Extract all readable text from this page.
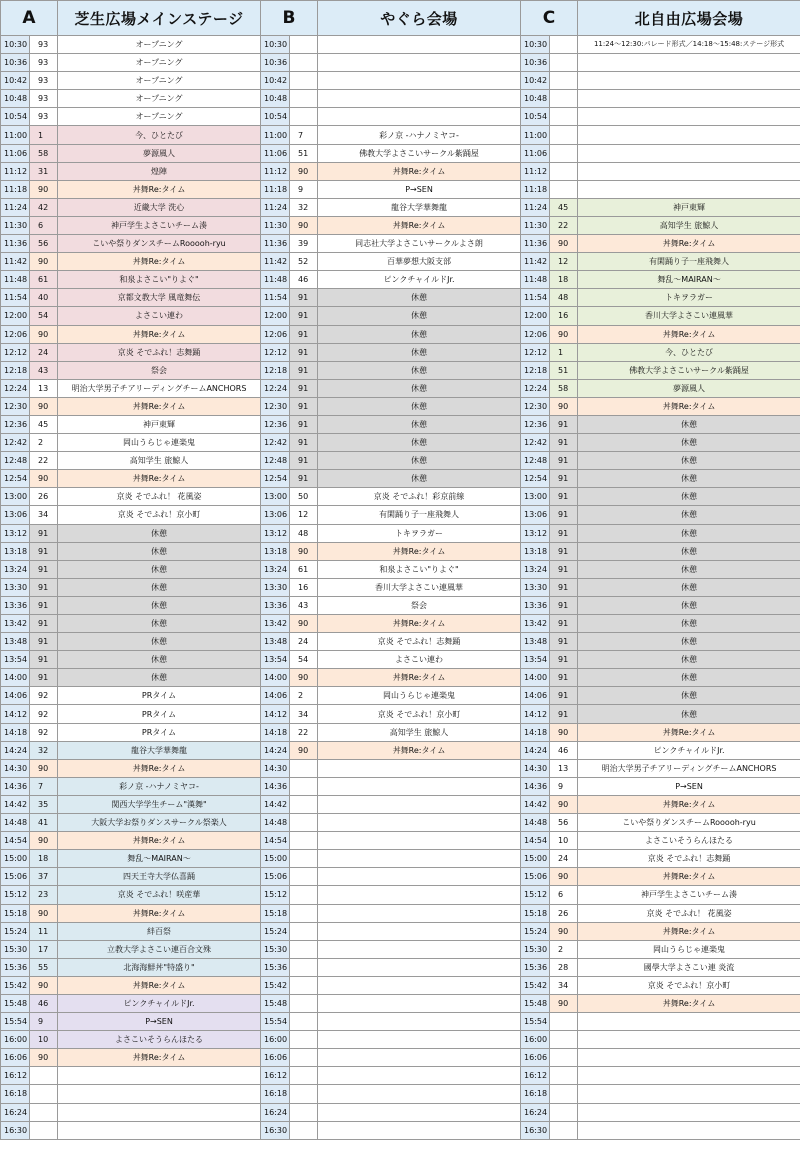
A		芝生広場メインステージ	B		やぐら会場	C		北自由広場会場
10:30	93	オープニング	10:30			10:30		11:24～12:30:パレード形式／14:18～15:48:ステージ形式
10:36	93	オープニング	10:36			10:36		
10:42	93	オープニング	10:42			10:42		
10:48	93	オープニング	10:48			10:48		
10:54	93	オープニング	10:54			10:54		
11:00	1	今、ひとたび	11:00	7	彩ノ京 -ハナノミヤコ-	11:00		
11:06	58	夢源風人	11:06	51	佛教大学よさこいサークル紫踊屋	11:06		
11:12	31	煌陣	11:12	90	丼舞Re:タイム	11:12		
11:18	90	丼舞Re:タイム	11:18	9	P→SEN	11:18		
11:24	42	近畿大学 洗心	11:24	32	龍谷大学華舞龍	11:24	45	神戸東輝
11:30	6	神戸学生よさこいチーム湊	11:30	90	丼舞Re:タイム	11:30	22	高知学生 旅鯨人
11:36	56	こいや祭りダンスチームRooooh-ryu	11:36	39	同志社大学よさこいサークルよさ朗	11:36	90	丼舞Re:タイム
11:42	90	丼舞Re:タイム	11:42	52	百華夢想大阪支部	11:42	12	有閑踊り子一座飛舞人
11:48	61	和泉よさこい"りよぐ"	11:48	46	ピンクチャイルドJr.	11:48	18	舞乱～MAIRAN～
11:54	40	京都文教大学 風竜舞伝	11:54	91	休憩	11:54	48	トキヲラガー
12:00	54	よさこい連わ	12:00	91	休憩	12:00	16	香川大学よさこい連風華
12:06	90	丼舞Re:タイム	12:06	91	休憩	12:06	90	丼舞Re:タイム
12:12	24	京炎 そでふれ！志舞踊	12:12	91	休憩	12:12	1	今、ひとたび
12:18	43	祭会	12:18	91	休憩	12:18	51	佛教大学よさこいサークル紫踊屋
12:24	13	明治大学男子チアリーディングチームANCHORS	12:24	91	休憩	12:24	58	夢源風人
12:30	90	丼舞Re:タイム	12:30	91	休憩	12:30	90	丼舞Re:タイム
12:36	45	神戸東輝	12:36	91	休憩	12:36	91	休憩
12:42	2	岡山うらじゃ連楽鬼	12:42	91	休憩	12:42	91	休憩
12:48	22	高知学生 旅鯨人	12:48	91	休憩	12:48	91	休憩
12:54	90	丼舞Re:タイム	12:54	91	休憩	12:54	91	休憩
13:00	26	京炎 そでふれ！ 花風姿	13:00	50	京炎 そでふれ！彩京前線	13:00	91	休憩
13:06	34	京炎 そでふれ！京小町	13:06	12	有閑踊り子一座飛舞人	13:06	91	休憩
13:12	91	休憩	13:12	48	トキヲラガー	13:12	91	休憩
13:18	91	休憩	13:18	90	丼舞Re:タイム	13:18	91	休憩
13:24	91	休憩	13:24	61	和泉よさこい"りよぐ"	13:24	91	休憩
13:30	91	休憩	13:30	16	香川大学よさこい連風華	13:30	91	休憩
13:36	91	休憩	13:36	43	祭会	13:36	91	休憩
13:42	91	休憩	13:42	90	丼舞Re:タイム	13:42	91	休憩
13:48	91	休憩	13:48	24	京炎 そでふれ！志舞踊	13:48	91	休憩
13:54	91	休憩	13:54	54	よさこい連わ	13:54	91	休憩
14:00	91	休憩	14:00	90	丼舞Re:タイム	14:00	91	休憩
14:06	92	PRタイム	14:06	2	岡山うらじゃ連楽鬼	14:06	91	休憩
14:12	92	PRタイム	14:12	34	京炎 そでふれ！京小町	14:12	91	休憩
14:18	92	PRタイム	14:18	22	高知学生 旅鯨人	14:18	90	丼舞Re:タイム
14:24	32	龍谷大学華舞龍	14:24	90	丼舞Re:タイム	14:24	46	ピンクチャイルドJr.
14:30	90	丼舞Re:タイム	14:30			14:30	13	明治大学男子チアリーディングチームANCHORS
14:36	7	彩ノ京 -ハナノミヤコ-	14:36			14:36	9	P→SEN
14:42	35	関西大学学生チーム"漢舞"	14:42			14:42	90	丼舞Re:タイム
14:48	41	大阪大学お祭りダンスサークル祭楽人	14:48			14:48	56	こいや祭りダンスチームRooooh-ryu
14:54	90	丼舞Re:タイム	14:54			14:54	10	よさこいそうらんほたる
15:00	18	舞乱～MAIRAN～	15:00			15:00	24	京炎 そでふれ！志舞踊
15:06	37	四天王寺大学仏喜踊	15:06			15:06	90	丼舞Re:タイム
15:12	23	京炎 そでふれ！咲産華	15:12			15:12	6	神戸学生よさこいチーム湊
15:18	90	丼舞Re:タイム	15:18			15:18	26	京炎 そでふれ！ 花風姿
15:24	11	絆百祭	15:24			15:24	90	丼舞Re:タイム
15:30	17	立教大学よさこい連百合文殊	15:30			15:30	2	岡山うらじゃ連楽鬼
15:36	55	北海海鮮丼"特盛り"	15:36			15:36	28	國學大学よさこい連 炎流
15:42	90	丼舞Re:タイム	15:42			15:42	34	京炎 そでふれ！京小町
15:48	46	ピンクチャイルドJr.	15:48			15:48	90	丼舞Re:タイム
15:54	9	P→SEN	15:54			15:54		
16:00	10	よさこいそうらんほたる	16:00			16:00		
16:06	90	丼舞Re:タイム	16:06			16:06		
16:12			16:12			16:12		
16:18			16:18			16:18		
16:24			16:24			16:24		
16:30			16:30			16:30		
